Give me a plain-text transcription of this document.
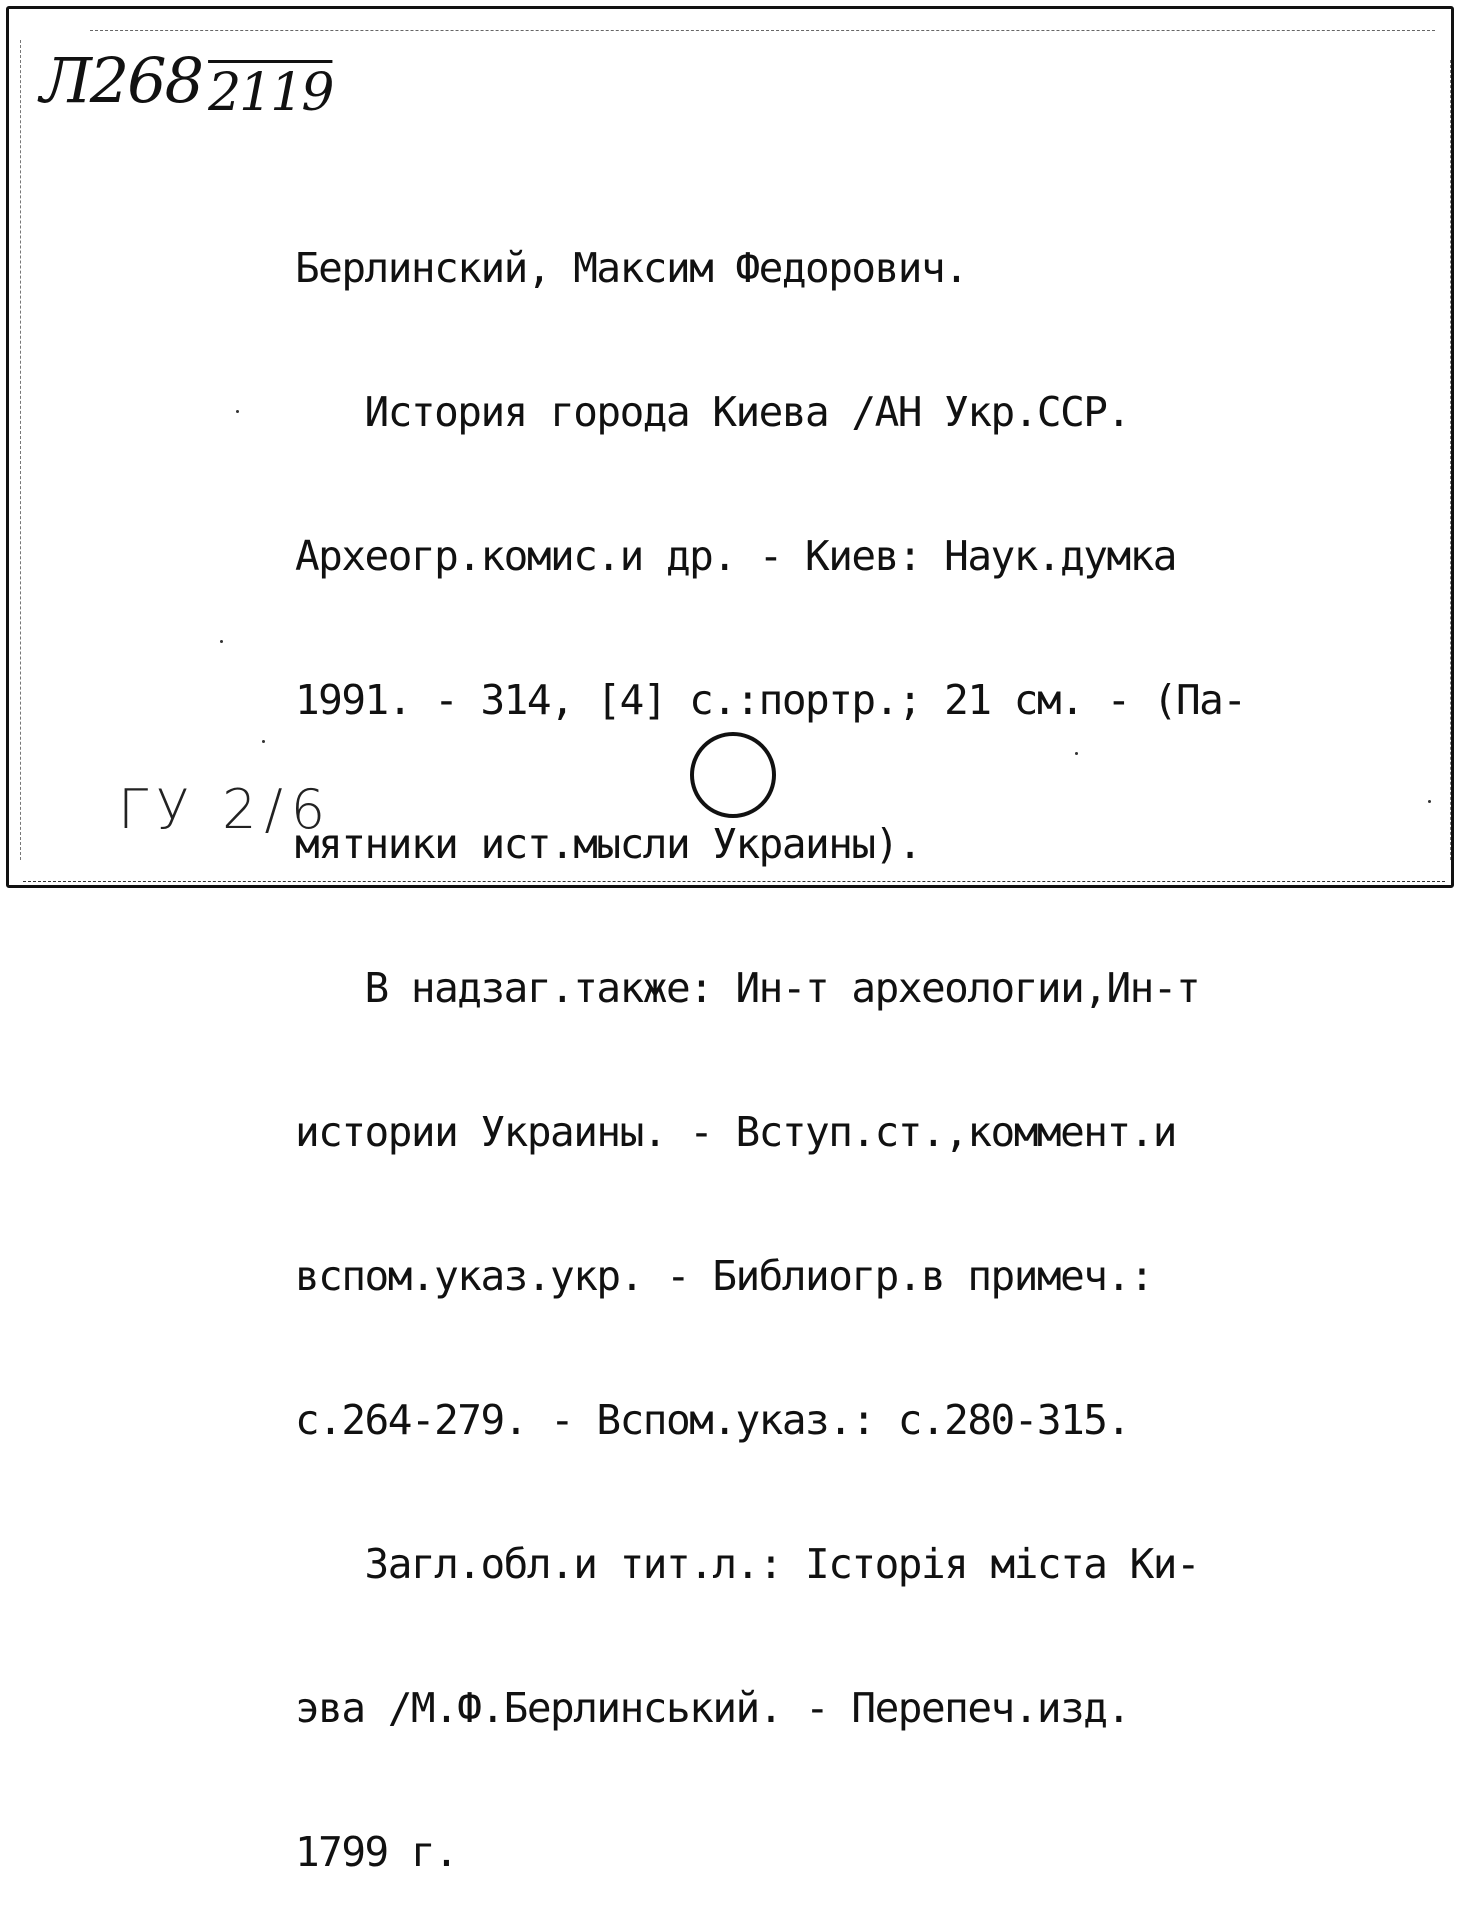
Л268 2119

Берлинский, Максим Федорович.

История города Киева /АН Укр.ССР.

Археогр.комис.и др. - Киев: Наук.думка

1991. - 314, [4] с.:портр.; 21 см. - (Па-

мятники ист.мысли Украины).

В надзаг.также: Ин-т археологии,Ин-т

истории Украины. - Вступ.ст.,коммент.и

вспом.указ.укр. - Библиогр.в примеч.:

с.264-279. - Вспом.указ.: с.280-315.

Загл.обл.и тит.л.: Історія міста Ки-

эва /М.Ф.Берлинський. - Перепеч.изд.

1799 г.

ГУ 2/6
